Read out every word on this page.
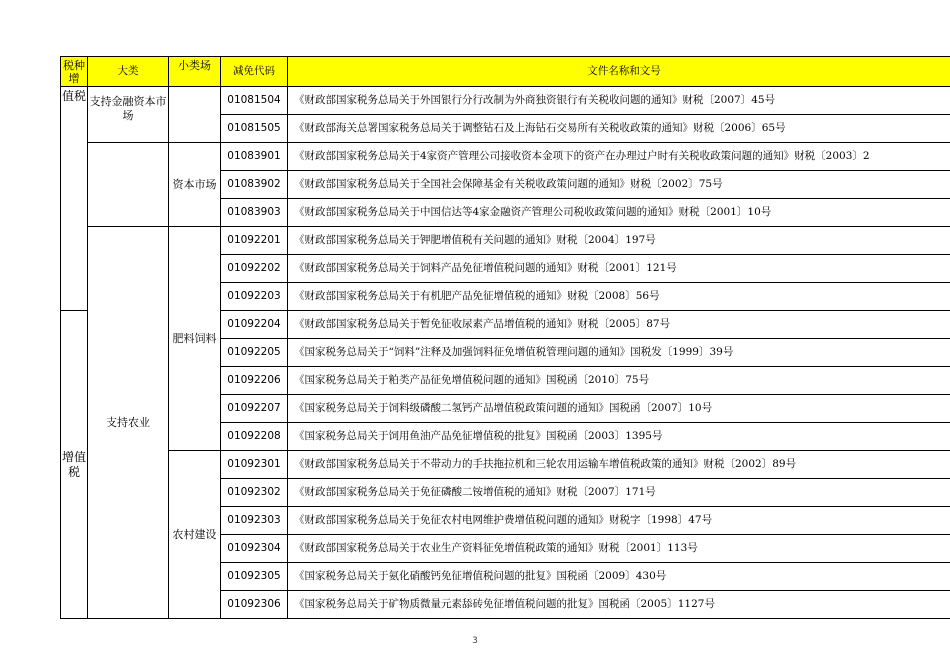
税种增	大类	小类场	减免代码	文件名称和文号
值税	支持金融资本市场		01081504	《财政部国家税务总局关于外国银行分行改制为外商独资银行有关税收问题的通知》财税〔2007〕45号
			01081505	《财政部海关总署国家税务总局关于调整钻石及上海钻石交易所有关税收政策的通知》财税〔2006〕65号
		资本市场	01083901	《财政部国家税务总局关于4家资产管理公司接收资本金项下的资产在办理过户时有关税收政策问题的通知》财税〔2003〕2
			01083902	《财政部国家税务总局关于全国社会保障基金有关税收政策问题的通知》财税〔2002〕75号
			01083903	《财政部国家税务总局关于中国信达等4家金融资产管理公司税收政策问题的通知》财税〔2001〕10号
	支持农业	肥料饲料	01092201	《财政部国家税务总局关于钾肥增值税有关问题的通知》财税〔2004〕197号
			01092202	《财政部国家税务总局关于饲料产品免征增值税问题的通知》财税〔2001〕121号
			01092203	《财政部国家税务总局关于有机肥产品免征增值税的通知》财税〔2008〕56号
增值税			01092204	《财政部国家税务总局关于暂免征收尿素产品增值税的通知》财税〔2005〕87号
			01092205	《国家税务总局关于“饲料”注释及加强饲料征免增值税管理问题的通知》国税发〔1999〕39号
			01092206	《国家税务总局关于粕类产品征免增值税问题的通知》国税函〔2010〕75号
			01092207	《国家税务总局关于饲料级磷酸二氢钙产品增值税政策问题的通知》国税函〔2007〕10号
			01092208	《国家税务总局关于饲用鱼油产品免征增值税的批复》国税函〔2003〕1395号
		农村建设	01092301	《财政部国家税务总局关于不带动力的手扶拖拉机和三轮农用运输车增值税政策的通知》财税〔2002〕89号
			01092302	《财政部国家税务总局关于免征磷酸二铵增值税的通知》财税〔2007〕171号
			01092303	《财政部国家税务总局关于免征农村电网维护费增值税问题的通知》财税字〔1998〕47号
			01092304	《财政部国家税务总局关于农业生产资料征免增值税政策的通知》财税〔2001〕113号
			01092305	《国家税务总局关于氨化硝酸钙免征增值税问题的批复》国税函〔2009〕430号
			01092306	《国家税务总局关于矿物质微量元素舔砖免征增值税问题的批复》国税函〔2005〕1127号
3
